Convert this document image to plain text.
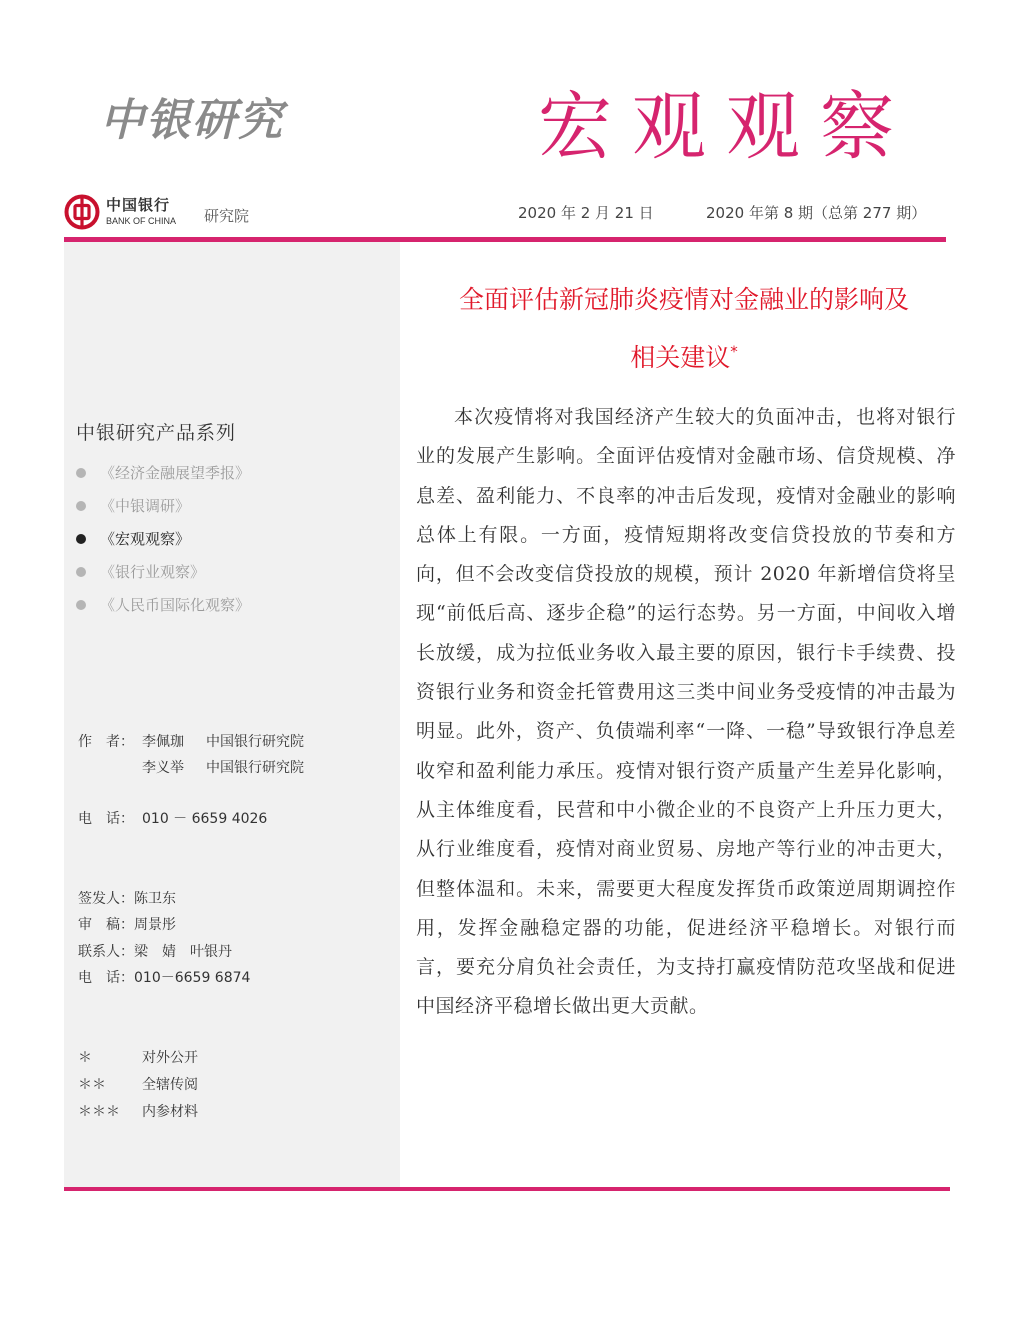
中银研究	宏观观察
中国银行
BANK OF CHINA 研究院	2020 年 2 月 21 日	2020 年第 8 期（总第 277 期）
中银研究产品系列
《经济金融展望季报》
《中银调研》
《宏观观察》
《银行业观察》
《人民币国际化观察》
作　者： 李佩珈 中国银行研究院
李义举 中国银行研究院
电　话： 010 － 6659 4026
签发人：陈卫东
审　稿：周景彤
联系人：梁　婧　叶银丹
电　话：010－6659 6874
＊	对外公开
＊＊	全辖传阅
＊＊＊ 内参材料
全面评估新冠肺炎疫情对金融业的影响及
相关建议*

本次疫情将对我国经济产生较大的负面冲击，也将对银行业的发展产生影响。全面评估疫情对金融市场、信贷规模、净息差、盈利能力、不良率的冲击后发现，疫情对金融业的影响总体上有限。一方面，疫情短期将改变信贷投放的节奏和方向，但不会改变信贷投放的规模，预计 2020 年新增信贷将呈现“前低后高、逐步企稳”的运行态势。另一方面，中间收入增长放缓，成为拉低业务收入最主要的原因，银行卡手续费、投资银行业务和资金托管费用这三类中间业务受疫情的冲击最为明显。此外，资产、负债端利率“一降、一稳”导致银行净息差收窄和盈利能力承压。疫情对银行资产质量产生差异化影响，从主体维度看，民营和中小微企业的不良资产上升压力更大，从行业维度看，疫情对商业贸易、房地产等行业的冲击更大，但整体温和。未来，需要更大程度发挥货币政策逆周期调控作用，发挥金融稳定器的功能，促进经济平稳增长。对银行而言，要充分肩负社会责任，为支持打赢疫情防范攻坚战和促进中国经济平稳增长做出更大贡献。
